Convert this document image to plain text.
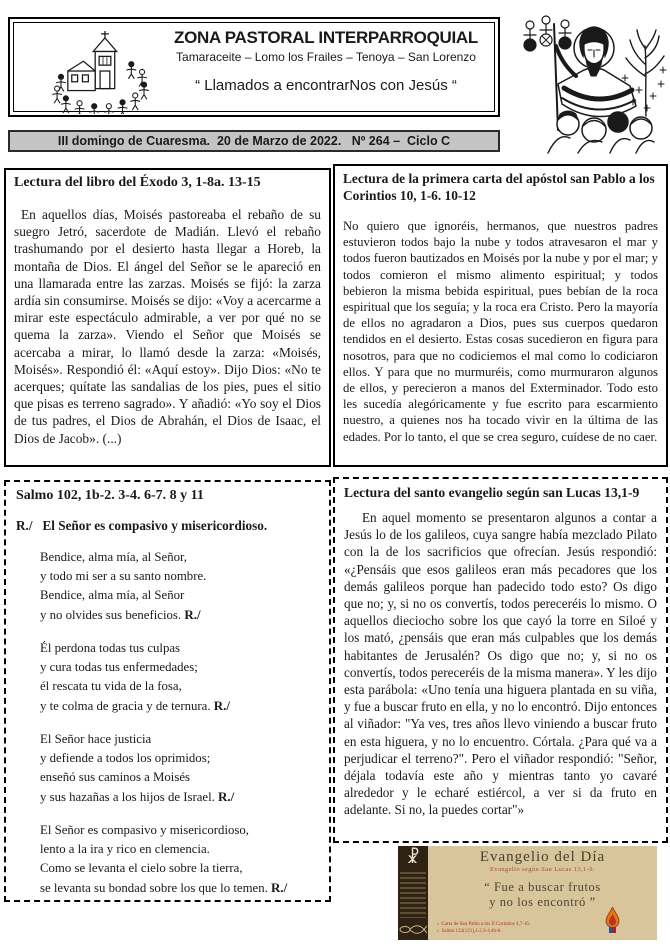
ZONA PASTORAL INTERPARROQUIAL
Tamaraceite – Lomo los Frailes – Tenoya – San Lorenzo
“ Llamados a encontrarNos con Jesús “
III domingo de Cuaresma.  20 de Marzo de 2022.   Nº 264 –  Ciclo C
Lectura del libro del Éxodo 3, 1-8a. 13-15

En aquellos días, Moisés pastoreaba el rebaño de su suegro Jetró, sacerdote de Madián. Llevó el rebaño trashumando por el desierto hasta llegar a Horeb, la montaña de Dios. El ángel del Señor se le apareció en una llamarada entre las zarzas. Moisés se fijó: la zarza ardía sin consumirse. Moisés se dijo: «Voy a acercarme a mirar este espectáculo admirable, a ver por qué no se quema la zarza». Viendo el Señor que Moisés se acercaba a mirar, lo llamó desde la zarza: «Moisés, Moisés». Respondió él: «Aquí estoy». Dijo Dios: «No te acerques; quítate las sandalias de los pies, pues el sitio que pisas es terreno sagrado». Y añadió: «Yo soy el Dios de tus padres, el Dios de Abrahán, el Dios de Isaac, el Dios de Jacob». (...)

Lectura de la primera carta del apóstol san Pablo a los Corintios 10, 1-6. 10-12

No quiero que ignoréis, hermanos, que nuestros padres estuvieron todos bajo la nube y todos atravesaron el mar y todos fueron bautizados en Moisés por la nube y por el mar; y todos comieron el mismo alimento espiritual; y todos bebieron la misma bebida espiritual, pues bebían de la roca espiritual que los seguía; y la roca era Cristo. Pero la mayoría de ellos no agradaron a Dios, pues sus cuerpos quedaron tendidos en el desierto. Estas cosas sucedieron en figura para nosotros, para que no codiciemos el mal como lo codiciaron ellos. Y para que no murmuréis, como murmuraron algunos de ellos, y perecieron a manos del Exterminador. Todo esto les sucedía alegóricamente y fue escrito para escarmiento nuestro, a quienes nos ha tocado vivir en la última de las edades. Por lo tanto, el que se crea seguro, cuídese de no caer.

Salmo 102, 1b-2. 3-4. 6-7. 8 y 11
R./ El Señor es compasivo y misericordioso.
Bendice, alma mía, al Señor,
y todo mi ser a su santo nombre.
Bendice, alma mía, al Señor
y no olvides sus beneficios. R./
Él perdona todas tus culpas
y cura todas tus enfermedades;
él rescata tu vida de la fosa,
y te colma de gracia y de ternura. R./
El Señor hace justicia
y defiende a todos los oprimidos;
enseñó sus caminos a Moisés
y sus hazañas a los hijos de Israel. R./
El Señor es compasivo y misericordioso,
lento a la ira y rico en clemencia.
Como se levanta el cielo sobre la tierra,
se levanta su bondad sobre los que lo temen. R./
Lectura del santo evangelio según san Lucas 13,1-9

En aquel momento se presentaron algunos a contar a Jesús lo de los galileos, cuya sangre había mezclado Pilato con la de los sacrificios que ofrecían. Jesús respondió: «¿Pensáis que esos galileos eran más pecadores que los demás galileos porque han padecido todo esto? Os digo que no; y, si no os convertís, todos pereceréis lo mismo. O aquellos dieciocho sobre los que cayó la torre en Siloé y los mató, ¿pensáis que eran más culpables que los demás habitantes de Jerusalén? Os digo que no; y, si no os convertís, todos pereceréis de la misma manera». Y les dijo esta parábola: «Uno tenía una higuera plantada en su viña, y fue a buscar fruto en ella, y no lo encontró. Dijo entonces al viñador: "Ya ves, tres años llevo viniendo a buscar fruto en esta higuera, y no lo encuentro. Córtala. ¿Para qué va a perjudicar el terreno?". Pero el viñador respondió: "Señor, déjala todavía este año y mientras tanto yo cavaré alrededor y le echaré estiércol, a ver si da fruto en adelante. Si no, la puedes cortar"»

☧	Evangelio del Día
Evangelio según San Lucas 13,1-9.
“ Fue a buscar frutos
y no los encontró ”
▸ Carta de San Pablo a los II Corintios 4,7-16.
▸ Salmo 122(121),1-2.3-4.4b-8.
